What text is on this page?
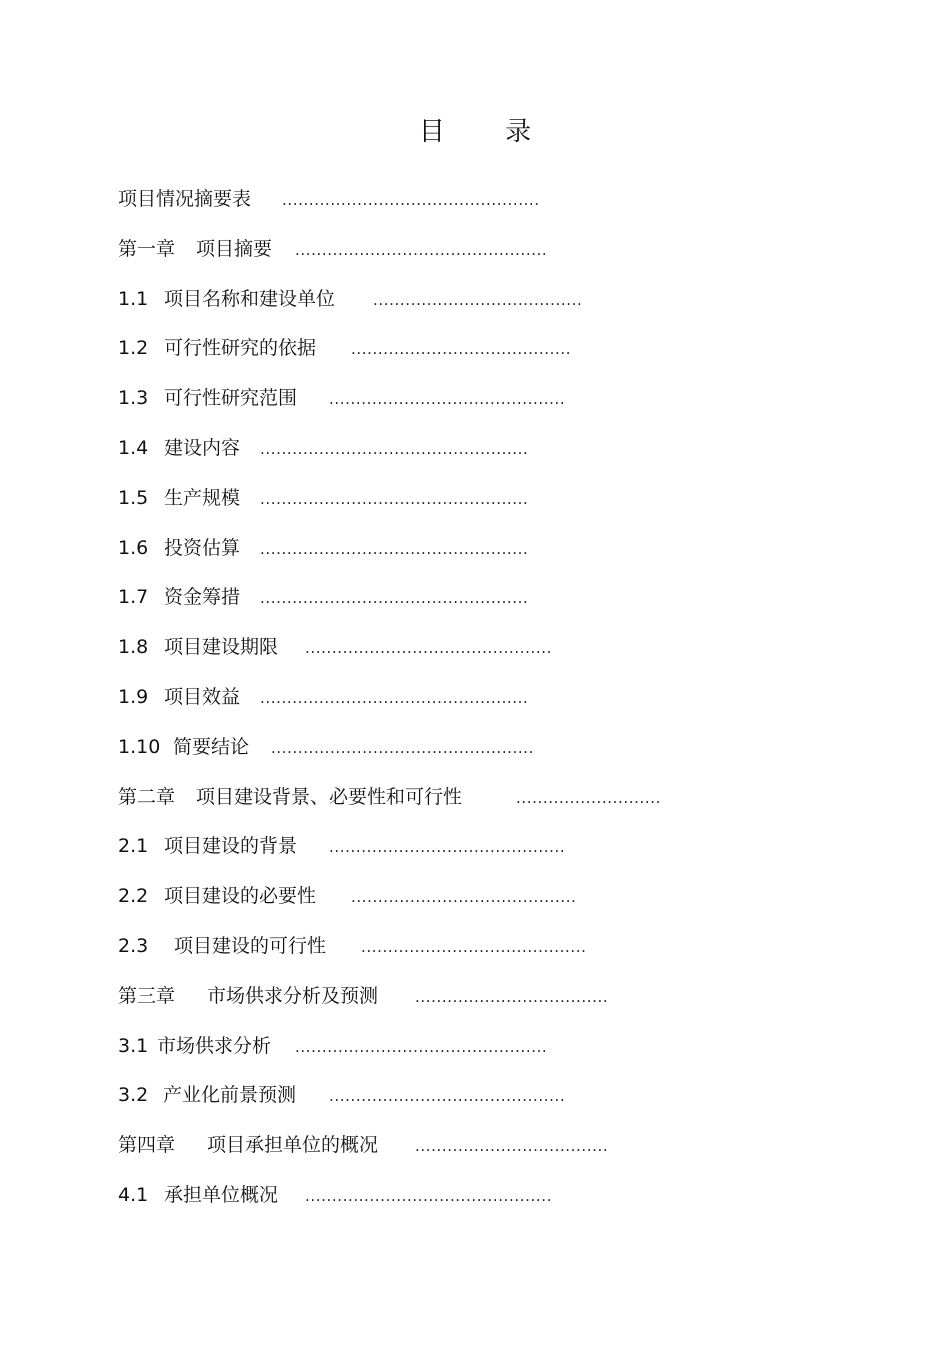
目 录
项目情况摘要表 ................................................
第一章 项目摘要 ...............................................
1.1 项目名称和建设单位	.......................................
1.2 可行性研究的依据 .........................................
1.3 可行性研究范围 ............................................
1.4 建设内容 ..................................................
1.5 生产规模 ..................................................
1.6 投资估算 ..................................................
1.7 资金筹措 ..................................................
1.8 项目建设期限 ..............................................
1.9 项目效益 ..................................................
1.10 简要结论 .................................................
第二章 项目建设背景、必要性和可行性	...........................
2.1 项目建设的背景 ............................................
2.2 项目建设的必要性 ..........................................
2.3 项目建设的可行性 ..........................................
第三章 市场供求分析及预测 ....................................
3.1 市场供求分析 ...............................................
3.2 产业化前景预测 ............................................
第四章 项目承担单位的概况 ....................................
4.1 承担单位概况 ..............................................
